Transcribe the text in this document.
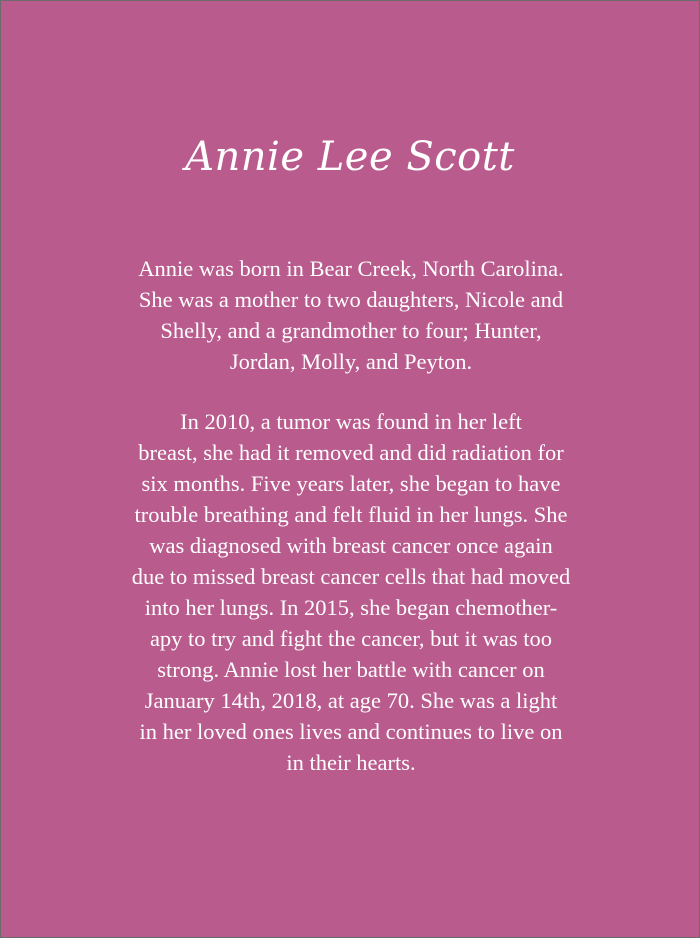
Annie Lee Scott
Annie was born in Bear Creek, North Carolina.
She was a mother to two daughters, Nicole and
Shelly, and a grandmother to four; Hunter,
Jordan, Molly, and Peyton.
In 2010, a tumor was found in her left
breast, she had it removed and did radiation for
six months. Five years later, she began to have
trouble breathing and felt fluid in her lungs. She
was diagnosed with breast cancer once again
due to missed breast cancer cells that had moved
into her lungs. In 2015, she began chemother-
apy to try and fight the cancer, but it was too
strong. Annie lost her battle with cancer on
January 14th, 2018, at age 70. She was a light
in her loved ones lives and continues to live on
in their hearts.
